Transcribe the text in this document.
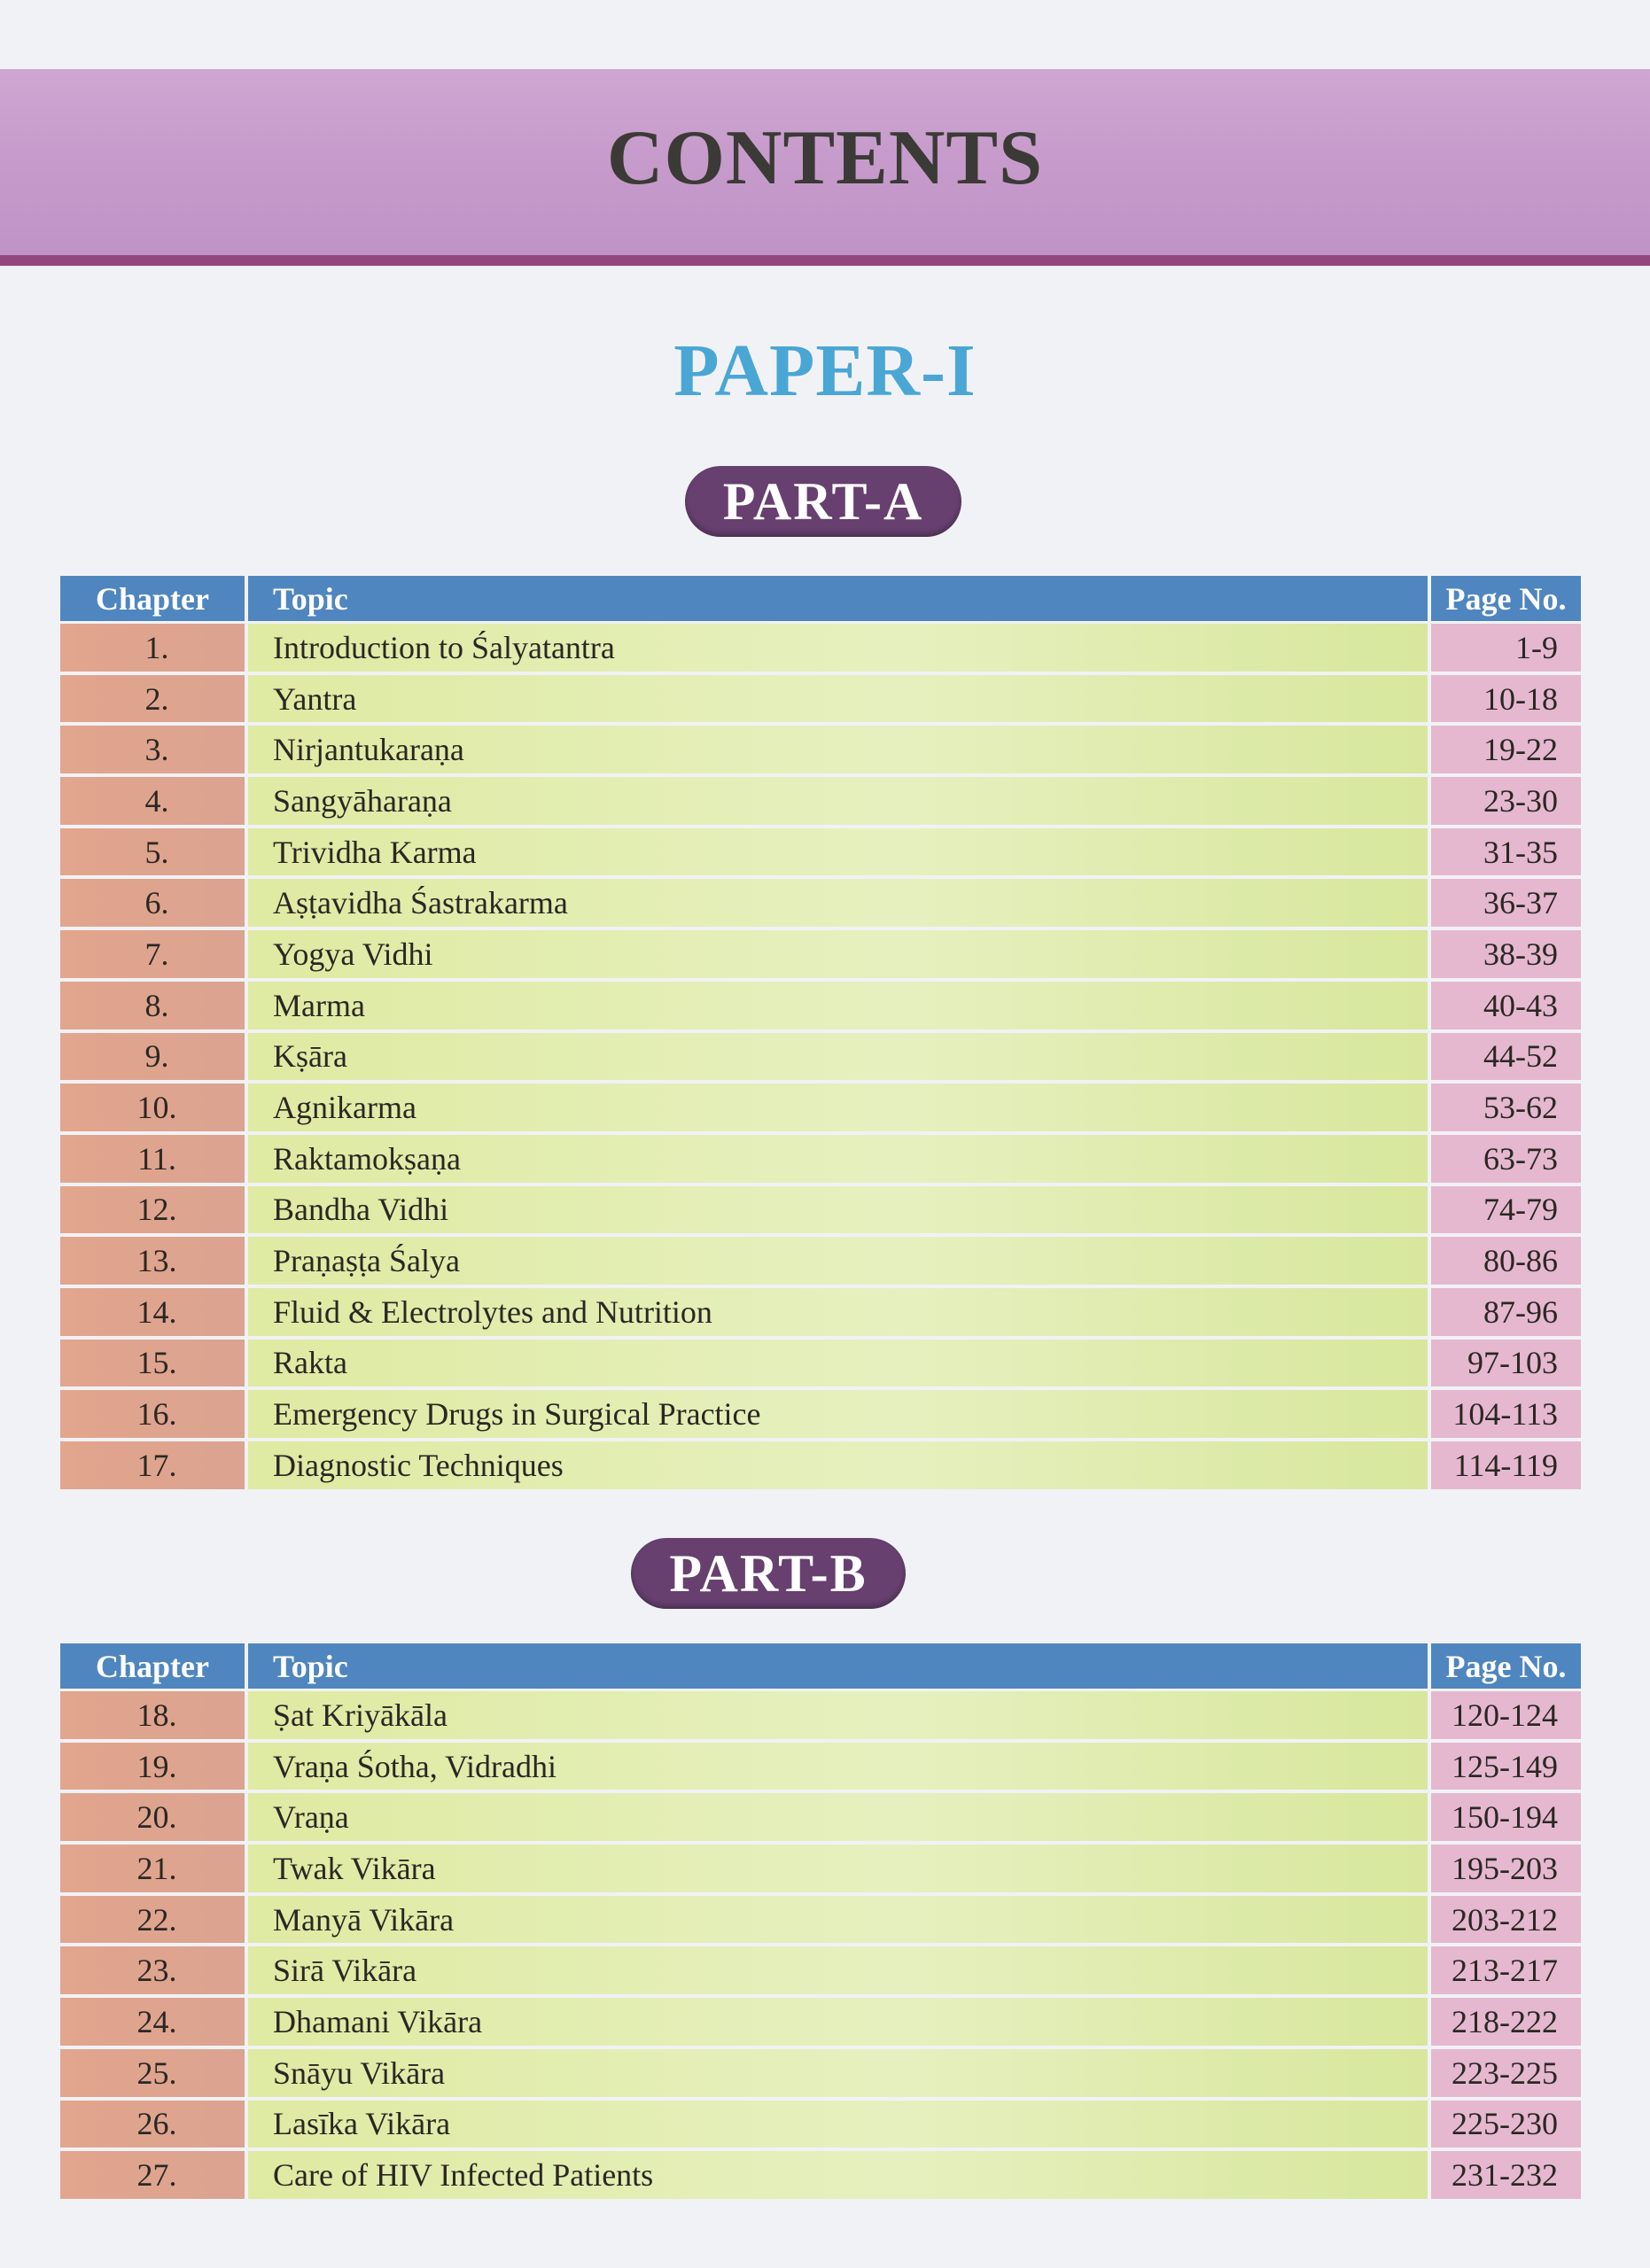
CONTENTS
PAPER-I
PART-A
Chapter	Topic	Page No.
1.	Introduction to Śalyatantra	1-9
2.	Yantra	10-18
3.	Nirjantukaraṇa	19-22
4.	Sangyāharaṇa	23-30
5.	Trividha Karma	31-35
6.	Aṣṭavidha Śastrakarma	36-37
7.	Yogya Vidhi	38-39
8.	Marma	40-43
9.	Kṣāra	44-52
10.	Agnikarma	53-62
11.	Raktamokṣaṇa	63-73
12.	Bandha Vidhi	74-79
13.	Praṇaṣṭa Śalya	80-86
14.	Fluid & Electrolytes and Nutrition	87-96
15.	Rakta	97-103
16.	Emergency Drugs in Surgical Practice	104-113
17.	Diagnostic Techniques	114-119
PART-B
Chapter	Topic	Page No.
18.	Ṣat Kriyākāla	120-124
19.	Vraṇa Śotha, Vidradhi	125-149
20.	Vraṇa	150-194
21.	Twak Vikāra	195-203
22.	Manyā Vikāra	203-212
23.	Sirā Vikāra	213-217
24.	Dhamani Vikāra	218-222
25.	Snāyu Vikāra	223-225
26.	Lasīka Vikāra	225-230
27.	Care of HIV Infected Patients	231-232
